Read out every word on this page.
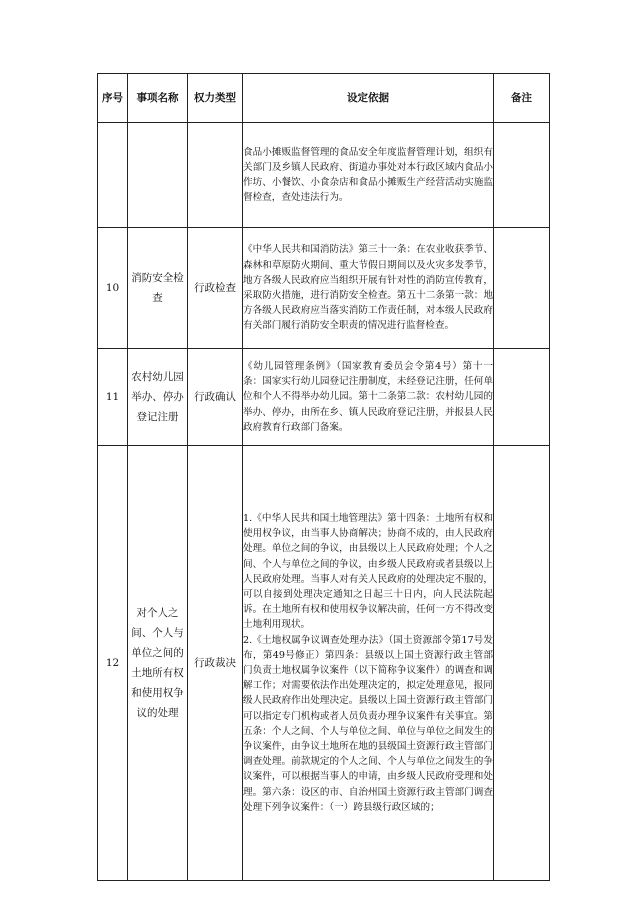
序号	事项名称	权力类型	设定依据	备注

			食品小摊贩监督管理的食品安全年度监督管理计划，组织有关部门及乡镇人民政府、街道办事处对本行政区域内食品小作坊、小餐饮、小食杂店和食品小摊贩生产经营活动实施监督检查，查处违法行为。	

10	消防安全检查	行政检查	《中华人民共和国消防法》第三十一条：在农业收获季节、森林和草原防火期间、重大节假日期间以及火灾多发季节，地方各级人民政府应当组织开展有针对性的消防宣传教育，采取防火措施，进行消防安全检查。第五十二条第一款：地方各级人民政府应当落实消防工作责任制，对本级人民政府有关部门履行消防安全职责的情况进行监督检查。	

11	农村幼儿园举办、停办登记注册	行政确认	《幼儿园管理条例》（国家教育委员会令第4号）第十一条：国家实行幼儿园登记注册制度，未经登记注册，任何单位和个人不得举办幼儿园。第十二条第二款：农村幼儿园的举办、停办，由所在乡、镇人民政府登记注册，并报县人民政府教育行政部门备案。	

12	对个人之间、个人与单位之间的土地所有权和使用权争议的处理	行政裁决	1.《中华人民共和国土地管理法》第十四条：土地所有权和使用权争议，由当事人协商解决；协商不成的，由人民政府处理。单位之间的争议，由县级以上人民政府处理；个人之间、个人与单位之间的争议，由乡级人民政府或者县级以上人民政府处理。当事人对有关人民政府的处理决定不服的，可以自接到处理决定通知之日起三十日内，向人民法院起诉。在土地所有权和使用权争议解决前，任何一方不得改变土地利用现状。
2.《土地权属争议调查处理办法》（国土资源部令第17号发布，第49号修正）第四条：县级以上国土资源行政主管部门负责土地权属争议案件（以下简称争议案件）的调查和调解工作；对需要依法作出处理决定的，拟定处理意见，报同级人民政府作出处理决定。县级以上国土资源行政主管部门可以指定专门机构或者人员负责办理争议案件有关事宜。第五条：个人之间、个人与单位之间、单位与单位之间发生的争议案件，由争议土地所在地的县级国土资源行政主管部门调查处理。前款规定的个人之间、个人与单位之间发生的争议案件，可以根据当事人的申请，由乡级人民政府受理和处理。第六条：设区的市、自治州国土资源行政主管部门调查处理下列争议案件：（一）跨县级行政区域的；	
